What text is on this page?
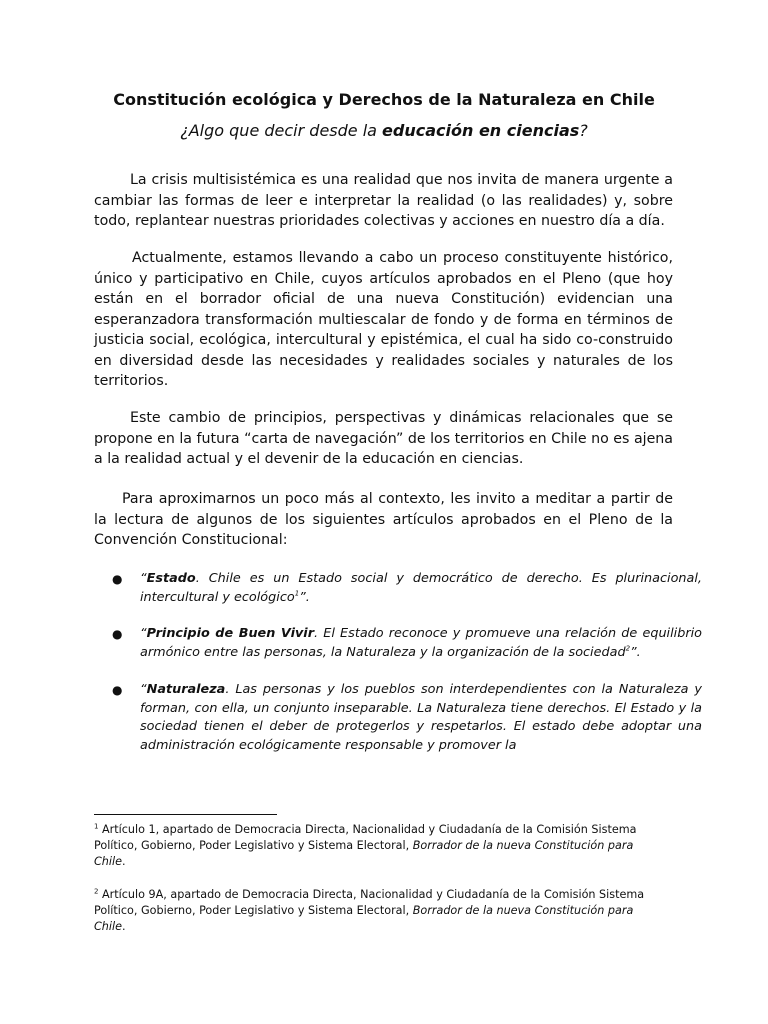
Constitución ecológica y Derechos de la Naturaleza en Chile
¿Algo que decir desde la educación en ciencias?

La crisis multisistémica es una realidad que nos invita de manera urgente a cambiar las formas de leer e interpretar la realidad (o las realidades) y, sobre todo, replantear nuestras prioridades colectivas y acciones en nuestro día a día.

Actualmente, estamos llevando a cabo un proceso constituyente histórico, único y participativo en Chile, cuyos artículos aprobados en el Pleno (que hoy están en el borrador oficial de una nueva Constitución) evidencian una esperanzadora transformación multiescalar de fondo y de forma en términos de justicia social, ecológica, intercultural y epistémica, el cual ha sido co-construido en diversidad desde las necesidades y realidades sociales y naturales de los territorios.

Este cambio de principios, perspectivas y dinámicas relacionales que se propone en la futura “carta de navegación” de los territorios en Chile no es ajena a la realidad actual y el devenir de la educación en ciencias.

Para aproximarnos un poco más al contexto, les invito a meditar a partir de la lectura de algunos de los siguientes artículos aprobados en el Pleno de la Convención Constitucional:

● “Estado. Chile es un Estado social y democrático de derecho. Es plurinacional, intercultural y ecológico$^1$”.
● “Principio de Buen Vivir. El Estado reconoce y promueve una relación de equilibrio armónico entre las personas, la Naturaleza y la organización de la sociedad$^2$”.
● “Naturaleza. Las personas y los pueblos son interdependientes con la Naturaleza y forman, con ella, un conjunto inseparable. La Naturaleza tiene derechos. El Estado y la sociedad tienen el deber de protegerlos y respetarlos. El estado debe adoptar una administración ecológicamente responsable y promover la

$^1$ Artículo 1, apartado de Democracia Directa, Nacionalidad y Ciudadanía de la Comisión Sistema Político, Gobierno, Poder Legislativo y Sistema Electoral, Borrador de la nueva Constitución para Chile.

$^2$ Artículo 9A, apartado de Democracia Directa, Nacionalidad y Ciudadanía de la Comisión Sistema Político, Gobierno, Poder Legislativo y Sistema Electoral, Borrador de la nueva Constitución para Chile.
